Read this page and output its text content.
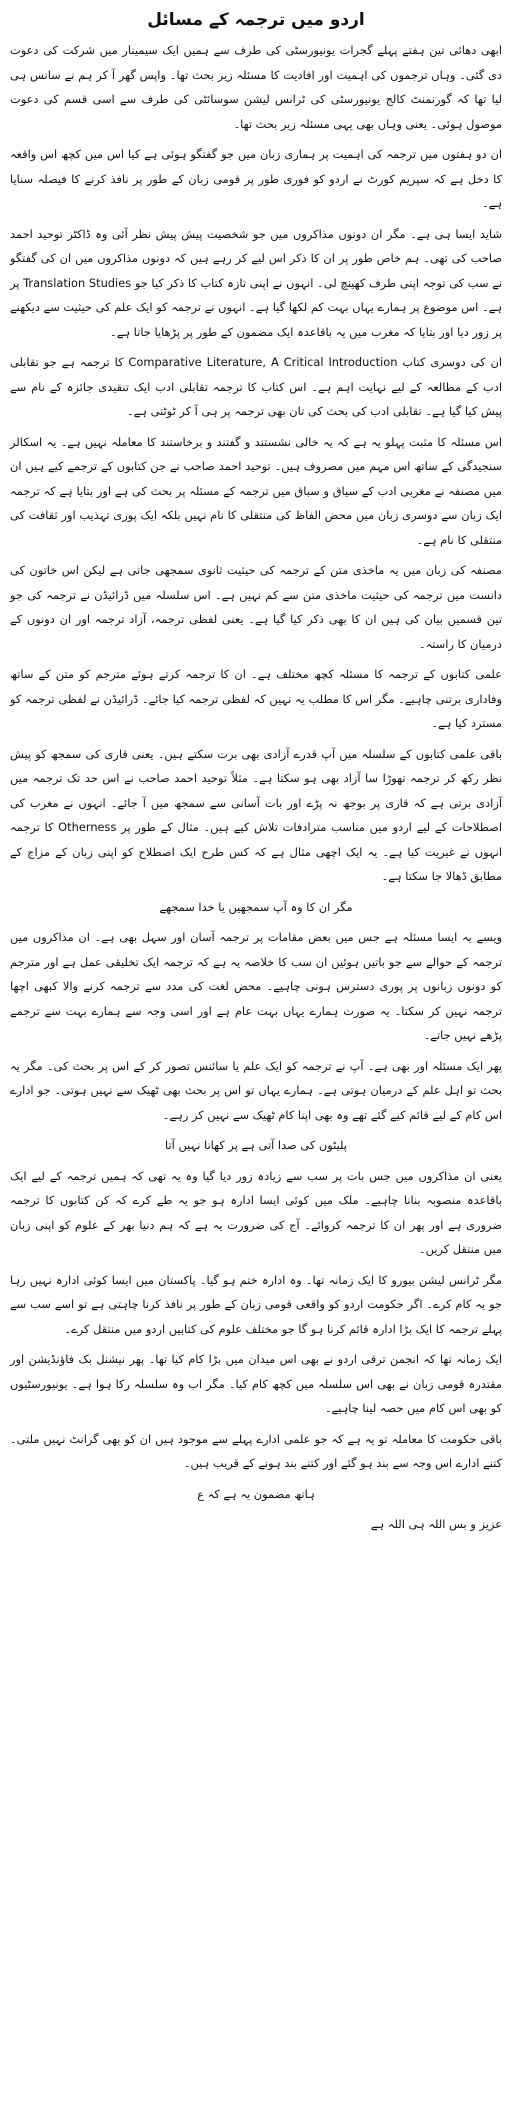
اردو میں ترجمہ کے مسائل

ابھی دھائی تین ہفتے پہلے گجرات یونیورسٹی کی طرف سے ہمیں ایک سیمینار میں شرکت کی دعوت دی گئی۔ وہاں ترجموں کی اہمیت اور افادیت کا مسئلہ زیر بحث تھا۔ واپس گھر آ کر ہم نے سانس ہی لیا تھا کہ گورنمنٹ کالج یونیورسٹی کی ٹرانس لیشن سوسائٹی کی طرف سے اسی قسم کی دعوت موصول ہوئی۔ یعنی وہاں بھی یہی مسئلہ زیر بحث تھا۔

ان دو ہفتوں میں ترجمہ کی اہمیت پر ہماری زبان میں جو گفتگو ہوئی ہے کیا اس میں کچھ اس واقعہ کا دخل ہے کہ سپریم کورٹ نے اردو کو فوری طور پر قومی زبان کے طور پر نافذ کرنے کا فیصلہ سنایا ہے۔

شاید ایسا ہی ہے۔ مگر ان دونوں مذاکروں میں جو شخصیت پیش پیش نظر آئی وہ ڈاکٹر توحید احمد صاحب کی تھی۔ ہم خاص طور پر ان کا ذکر اس لیے کر رہے ہیں کہ دونوں مذاکروں میں ان کی گفتگو نے سب کی توجہ اپنی طرف کھینچ لی۔ انہوں نے اپنی تازہ کتاب کا ذکر کیا جو Translation Studies پر ہے۔ اس موضوع پر ہمارے یہاں بہت کم لکھا گیا ہے۔ انہوں نے ترجمہ کو ایک علم کی حیثیت سے دیکھنے پر زور دیا اور بتایا کہ مغرب میں یہ باقاعدہ ایک مضمون کے طور پر پڑھایا جاتا ہے۔

ان کی دوسری کتاب Comparative Literature, A Critical Introduction کا ترجمہ ہے جو تقابلی ادب کے مطالعہ کے لیے نہایت اہم ہے۔ اس کتاب کا ترجمہ تقابلی ادب ایک تنقیدی جائزہ کے نام سے پیش کیا گیا ہے۔ تقابلی ادب کی بحث کی تان بھی ترجمہ پر ہی آ کر ٹوٹتی ہے۔

اس مسئلہ کا مثبت پہلو یہ ہے کہ یہ خالی نشستند و گفتند و برخاستند کا معاملہ نہیں ہے۔ یہ اسکالر سنجیدگی کے ساتھ اس مہم میں مصروف ہیں۔ توحید احمد صاحب نے جن کتابوں کے ترجمے کیے ہیں ان میں مصنفہ نے مغربی ادب کے سیاق و سباق میں ترجمہ کے مسئلہ پر بحث کی ہے اور بتایا ہے کہ ترجمہ ایک زبان سے دوسری زبان میں محض الفاظ کی منتقلی کا نام نہیں بلکہ ایک پوری تہذیب اور ثقافت کی منتقلی کا نام ہے۔

مصنفہ کی زبان میں یہ ماخذی متن کے ترجمہ کی حیثیت ثانوی سمجھی جاتی ہے لیکن اس خاتون کی دانست میں ترجمہ کی حیثیت ماخذی متن سے کم نہیں ہے۔ اس سلسلہ میں ڈرائیڈن نے ترجمہ کی جو تین قسمیں بیان کی ہیں ان کا بھی ذکر کیا گیا ہے۔ یعنی لفظی ترجمہ، آزاد ترجمہ اور ان دونوں کے درمیان کا راستہ۔

علمی کتابوں کے ترجمہ کا مسئلہ کچھ مختلف ہے۔ ان کا ترجمہ کرتے ہوئے مترجم کو متن کے ساتھ وفاداری برتنی چاہیے۔ مگر اس کا مطلب یہ نہیں کہ لفظی ترجمہ کیا جائے۔ ڈرائیڈن نے لفظی ترجمہ کو مسترد کیا ہے۔

باقی علمی کتابوں کے سلسلہ میں آپ قدرے آزادی بھی برت سکتے ہیں۔ یعنی قاری کی سمجھ کو پیش نظر رکھ کر ترجمہ تھوڑا سا آزاد بھی ہو سکتا ہے۔ مثلاً توحید احمد صاحب نے اس حد تک ترجمہ میں آزادی برتی ہے کہ قاری پر بوجھ نہ پڑے اور بات آسانی سے سمجھ میں آ جائے۔ انہوں نے مغرب کی اصطلاحات کے لیے اردو میں مناسب مترادفات تلاش کیے ہیں۔ مثال کے طور پر Otherness کا ترجمہ انہوں نے غیریت کیا ہے۔ یہ ایک اچھی مثال ہے کہ کس طرح ایک اصطلاح کو اپنی زبان کے مزاج کے مطابق ڈھالا جا سکتا ہے۔

مگر ان کا وہ آپ سمجھیں یا خدا سمجھے

ویسے یہ ایسا مسئلہ ہے جس میں بعض مقامات پر ترجمہ آسان اور سہل بھی ہے۔ ان مذاکروں میں ترجمہ کے حوالے سے جو باتیں ہوئیں ان سب کا خلاصہ یہ ہے کہ ترجمہ ایک تخلیقی عمل ہے اور مترجم کو دونوں زبانوں پر پوری دسترس ہونی چاہیے۔ محض لغت کی مدد سے ترجمہ کرنے والا کبھی اچھا ترجمہ نہیں کر سکتا۔ یہ صورت ہمارے یہاں بہت عام ہے اور اسی وجہ سے ہمارے بہت سے ترجمے پڑھے نہیں جاتے۔

پھر ایک مسئلہ اور بھی ہے۔ آپ نے ترجمہ کو ایک علم یا سائنس تصور کر کے اس پر بحث کی۔ مگر یہ بحث تو اہل علم کے درمیان ہوتی ہے۔ ہمارے یہاں تو اس پر بحث بھی ٹھیک سے نہیں ہوتی۔ جو ادارے اس کام کے لیے قائم کیے گئے تھے وہ بھی اپنا کام ٹھیک سے نہیں کر رہے۔

پلیٹوں کی صدا آتی ہے پر کھانا نہیں آتا

یعنی ان مذاکروں میں جس بات پر سب سے زیادہ زور دیا گیا وہ یہ تھی کہ ہمیں ترجمہ کے لیے ایک باقاعدہ منصوبہ بنانا چاہیے۔ ملک میں کوئی ایسا ادارہ ہو جو یہ طے کرے کہ کن کتابوں کا ترجمہ ضروری ہے اور پھر ان کا ترجمہ کروائے۔ آج کی ضرورت یہ ہے کہ ہم دنیا بھر کے علوم کو اپنی زبان میں منتقل کریں۔

مگر ٹرانس لیشن بیورو کا ایک زمانہ تھا۔ وہ ادارہ ختم ہو گیا۔ پاکستان میں ایسا کوئی ادارہ نہیں رہا جو یہ کام کرے۔ اگر حکومت اردو کو واقعی قومی زبان کے طور پر نافذ کرنا چاہتی ہے تو اسے سب سے پہلے ترجمہ کا ایک بڑا ادارہ قائم کرنا ہو گا جو مختلف علوم کی کتابیں اردو میں منتقل کرے۔

ایک زمانہ تھا کہ انجمن ترقی اردو نے بھی اس میدان میں بڑا کام کیا تھا۔ پھر نیشنل بک فاؤنڈیشن اور مقتدرہ قومی زبان نے بھی اس سلسلہ میں کچھ کام کیا۔ مگر اب وہ سلسلہ رکا ہوا ہے۔ یونیورسٹیوں کو بھی اس کام میں حصہ لینا چاہیے۔

باقی حکومت کا معاملہ تو یہ ہے کہ جو علمی ادارے پہلے سے موجود ہیں ان کو بھی گرانٹ نہیں ملتی۔ کتنے ادارے اس وجہ سے بند ہو گئے اور کتنے بند ہونے کے قریب ہیں۔

ہاتھ مضمون یہ ہے کہ ع
عزیز و بس اللہ ہی اللہ ہے
